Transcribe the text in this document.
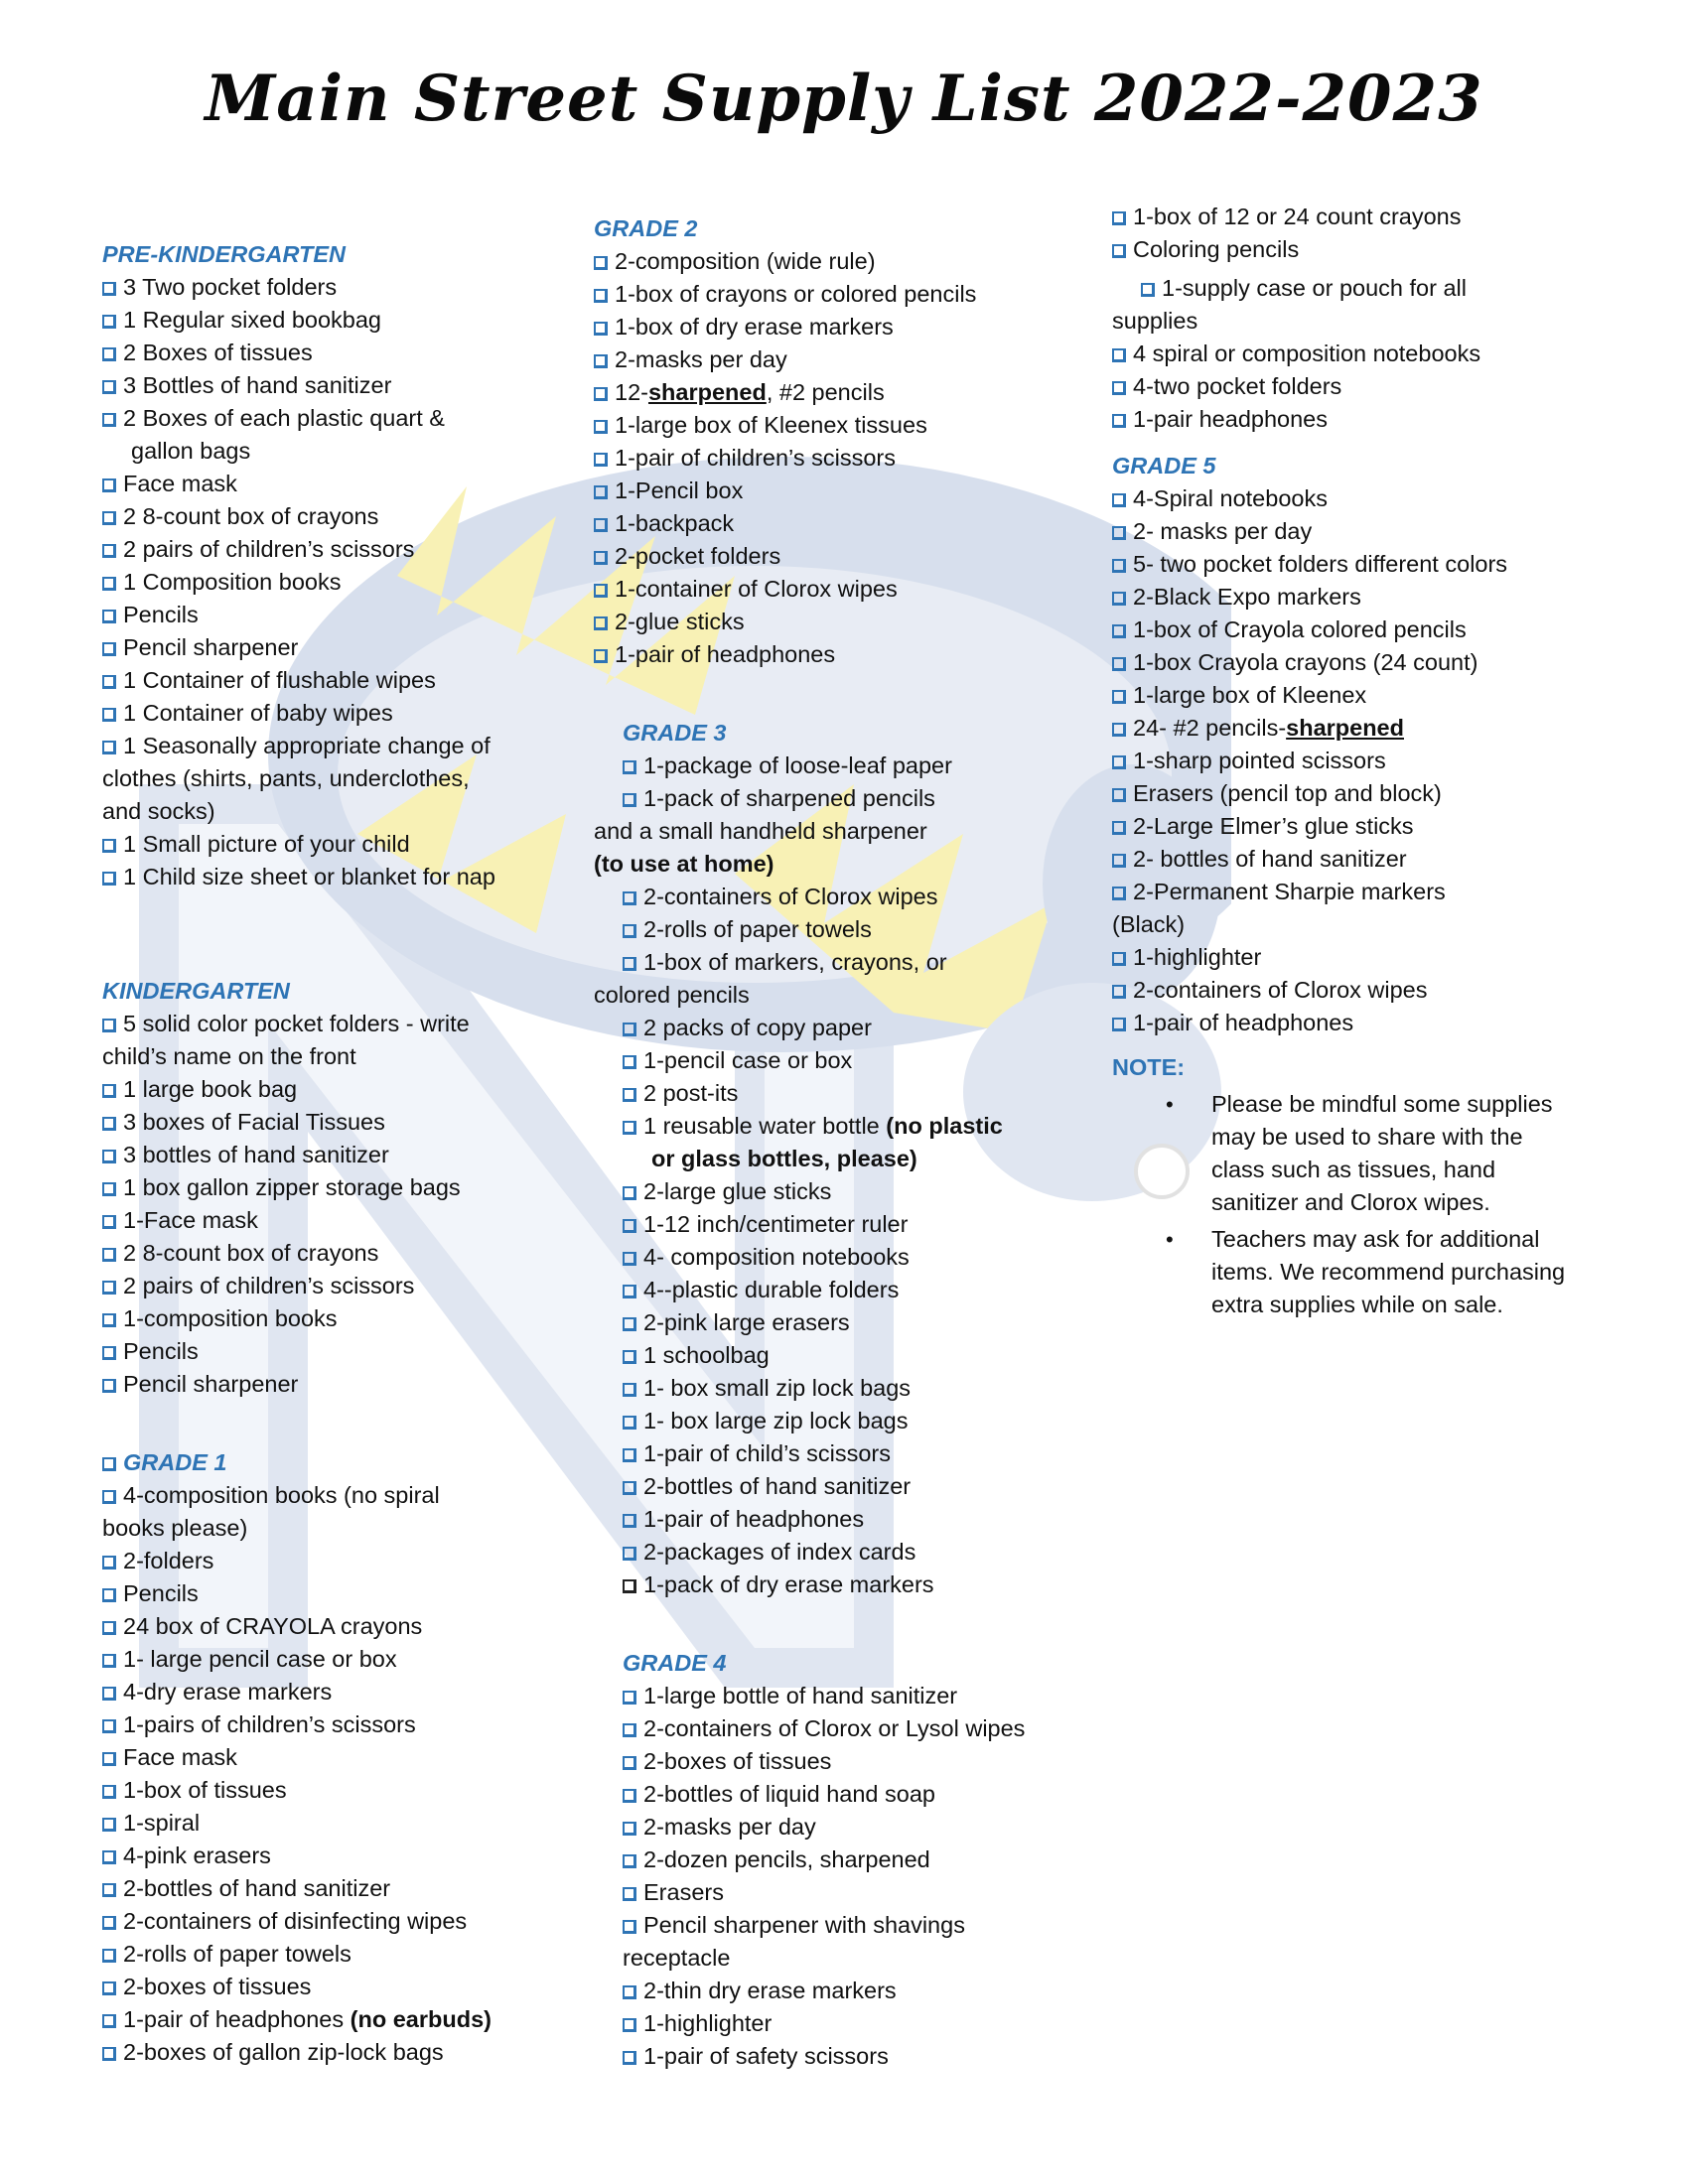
Main Street Supply List 2022-2023

PRE-KINDERGARTEN

3 Two pocket folders
1 Regular sixed bookbag
2 Boxes of tissues
3 Bottles of hand sanitizer
2 Boxes of each plastic quart &
gallon bags
Face mask
2 8-count box of crayons
2 pairs of children’s scissors
1 Composition books
Pencils
Pencil sharpener
1 Container of flushable wipes
1 Container of baby wipes
1 Seasonally appropriate change of
clothes (shirts, pants, underclothes,
and socks)
1 Small picture of your child
1 Child size sheet or blanket for nap

KINDERGARTEN

5 solid color pocket folders - write
child’s name on the front
1 large book bag
3 boxes of Facial Tissues
3 bottles of hand sanitizer
1 box gallon zipper storage bags
1-Face mask
2 8-count box of crayons
2 pairs of children’s scissors
1-composition books
Pencils
Pencil sharpener

GRADE 1

4-composition books (no spiral
books please)
2-folders
Pencils
24 box of CRAYOLA crayons
1- large pencil case or box
4-dry erase markers
1-pairs of children’s scissors
Face mask
1-box of tissues
1-spiral
4-pink erasers
2-bottles of hand sanitizer
2-containers of disinfecting wipes
2-rolls of paper towels
2-boxes of tissues
1-pair of headphones (no earbuds)
2-boxes of gallon zip-lock bags

GRADE 2

2-composition (wide rule)
1-box of crayons or colored pencils
1-box of dry erase markers
2-masks per day
12-sharpened, #2 pencils
1-large box of Kleenex tissues
1-pair of children’s scissors
1-Pencil box
1-backpack
2-pocket folders
1-container of Clorox wipes
2-glue sticks
1-pair of headphones

GRADE 3

1-package of loose-leaf paper
1-pack of sharpened pencils
and a small handheld sharpener
(to use at home)
2-containers of Clorox wipes
2-rolls of paper towels
1-box of markers, crayons, or
colored pencils
2 packs of copy paper
1-pencil case or box
2 post-its
1 reusable water bottle (no plastic
or glass bottles, please)
2-large glue sticks
1-12 inch/centimeter ruler
4- composition notebooks
4--plastic durable folders
2-pink large erasers
1 schoolbag
1- box small zip lock bags
1- box large zip lock bags
1-pair of child’s scissors
2-bottles of hand sanitizer
1-pair of headphones
2-packages of index cards
1-pack of dry erase markers

GRADE 4

1-large bottle of hand sanitizer
2-containers of Clorox or Lysol wipes
2-boxes of tissues
2-bottles of liquid hand soap
2-masks per day
2-dozen pencils, sharpened
Erasers
Pencil sharpener with shavings
receptacle
2-thin dry erase markers
1-highlighter
1-pair of safety scissors
1-box of 12 or 24 count crayons
Coloring pencils
1-supply case or pouch for all
supplies
4 spiral or composition notebooks
4-two pocket folders
1-pair headphones

GRADE 5

4-Spiral notebooks
2- masks per day
5- two pocket folders different colors
2-Black Expo markers
1-box of Crayola colored pencils
1-box Crayola crayons (24 count)
1-large box of Kleenex
24- #2 pencils-sharpened
1-sharp pointed scissors
Erasers (pencil top and block)
2-Large Elmer’s glue sticks
2- bottles of hand sanitizer
2-Permanent Sharpie markers
(Black)
1-highlighter
2-containers of Clorox wipes
1-pair of headphones

NOTE:

• Please be mindful some supplies
may be used to share with the
class such as tissues, hand
sanitizer and Clorox wipes.
• Teachers may ask for additional
items. We recommend purchasing
extra supplies while on sale.
